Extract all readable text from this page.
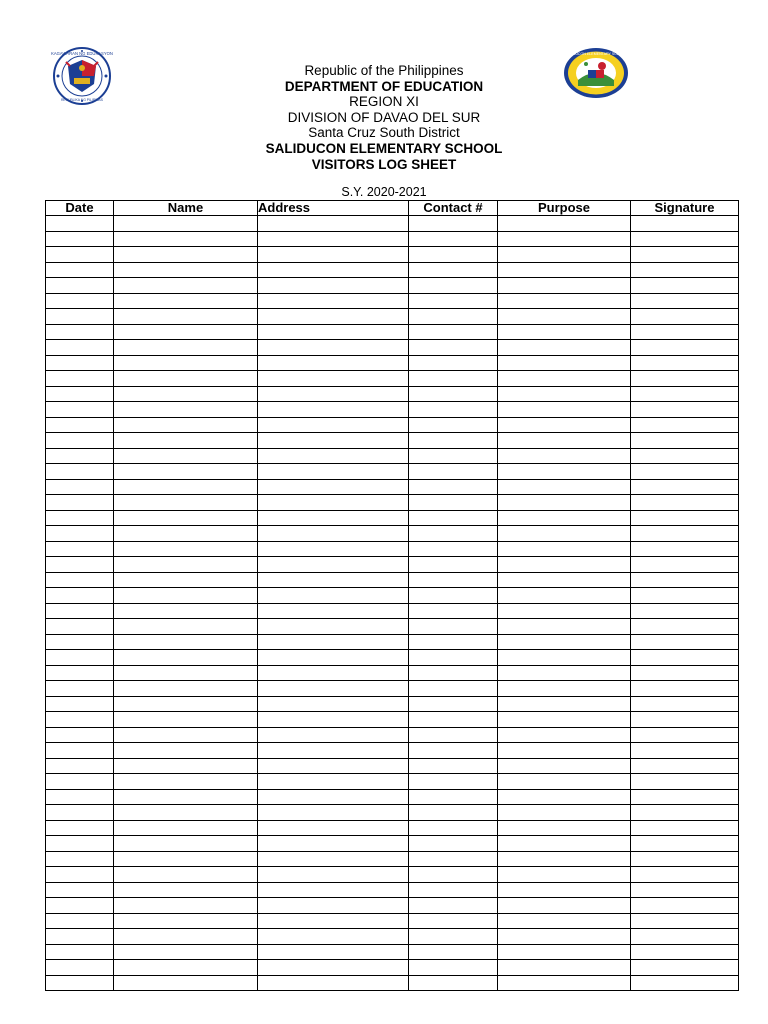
KAGAWARAN NG EDUKASYON
REPUBLIKA NG PILIPINAS
SALIDUCON ELEMENTARY SCHOOL
Republic of the Philippines
DEPARTMENT OF EDUCATION
REGION XI
DIVISION OF DAVAO DEL SUR
Santa Cruz South District
SALIDUCON ELEMENTARY SCHOOL
VISITORS LOG SHEET
S.Y. 2020-2021
Date	Name	Address	Contact #	Purpose	Signature
